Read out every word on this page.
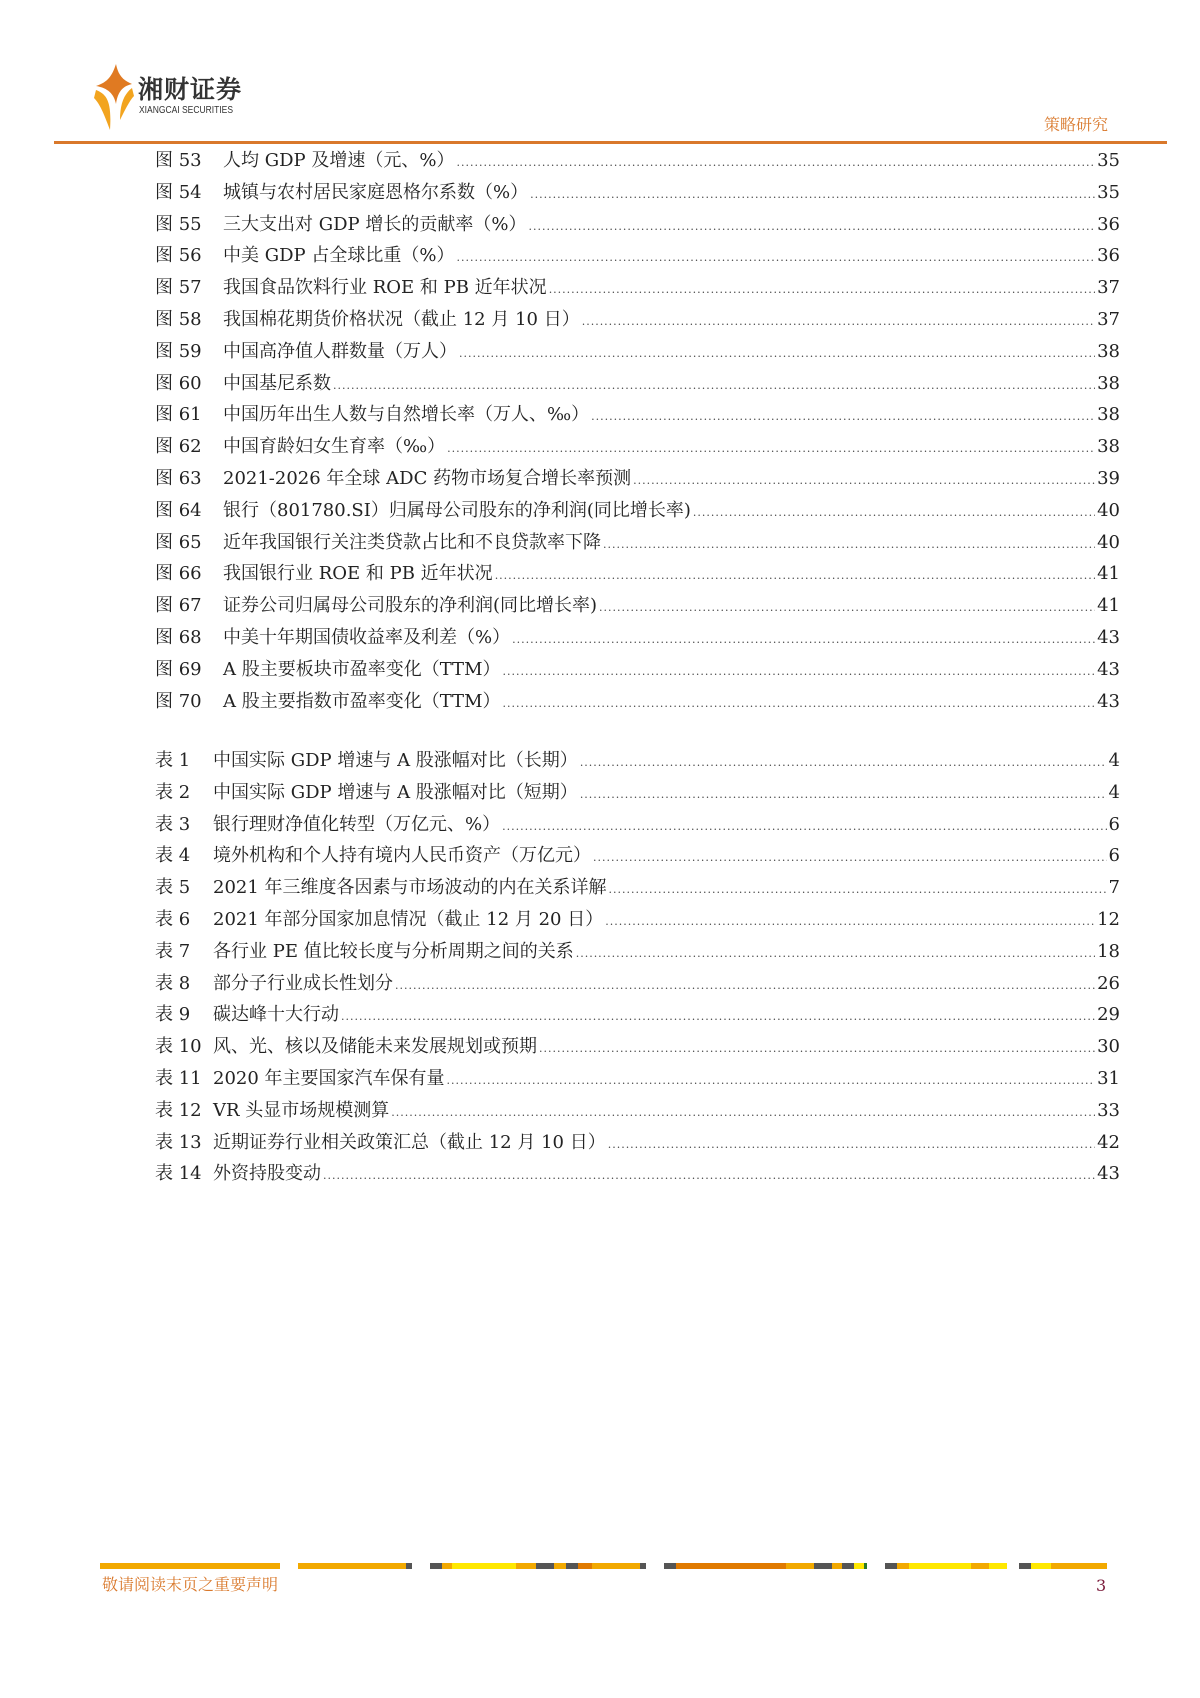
湘财证券
XIANGCAI SECURITIES
策略研究
图 53	人均 GDP 及增速（元、%） .....	35
图 54	城镇与农村居民家庭恩格尔系数（%） .....	35
图 55	三大支出对 GDP 增长的贡献率（%） .....	36
图 56	中美 GDP 占全球比重（%） .....	36
图 57	我国食品饮料行业 ROE 和 PB 近年状况 .....	37
图 58	我国棉花期货价格状况（截止 12 月 10 日） .....	37
图 59	中国高净值人群数量（万人） .....	38
图 60	中国基尼系数 .....	38
图 61	中国历年出生人数与自然增长率（万人、‰） .....	38
图 62	中国育龄妇女生育率（‰） .....	38
图 63	2021-2026 年全球 ADC 药物市场复合增长率预测 .....	39
图 64	银行（801780.SI）归属母公司股东的净利润(同比增长率) .....	40
图 65	近年我国银行关注类贷款占比和不良贷款率下降 .....	40
图 66	我国银行业 ROE 和 PB 近年状况 .....	41
图 67	证券公司归属母公司股东的净利润(同比增长率) .....	41
图 68	中美十年期国债收益率及利差（%） .....	43
图 69	A 股主要板块市盈率变化（TTM） .....	43
图 70	A 股主要指数市盈率变化（TTM） .....	43
表 1	中国实际 GDP 增速与 A 股涨幅对比（长期） .....	4
表 2	中国实际 GDP 增速与 A 股涨幅对比（短期） .....	4
表 3	银行理财净值化转型（万亿元、%） .....	6
表 4	境外机构和个人持有境内人民币资产（万亿元） .....	6
表 5	2021 年三维度各因素与市场波动的内在关系详解 .....	7
表 6	2021 年部分国家加息情况（截止 12 月 20 日） .....	12
表 7	各行业 PE 值比较长度与分析周期之间的关系 .....	18
表 8	部分子行业成长性划分 .....	26
表 9	碳达峰十大行动 .....	29
表 10 风、光、核以及储能未来发展规划或预期 .....	30
表 11 2020 年主要国家汽车保有量 .....	31
表 12 VR 头显市场规模测算 .....	33
表 13 近期证券行业相关政策汇总（截止 12 月 10 日） .....	42
表 14 外资持股变动 .....	43
敬请阅读末页之重要声明	3
